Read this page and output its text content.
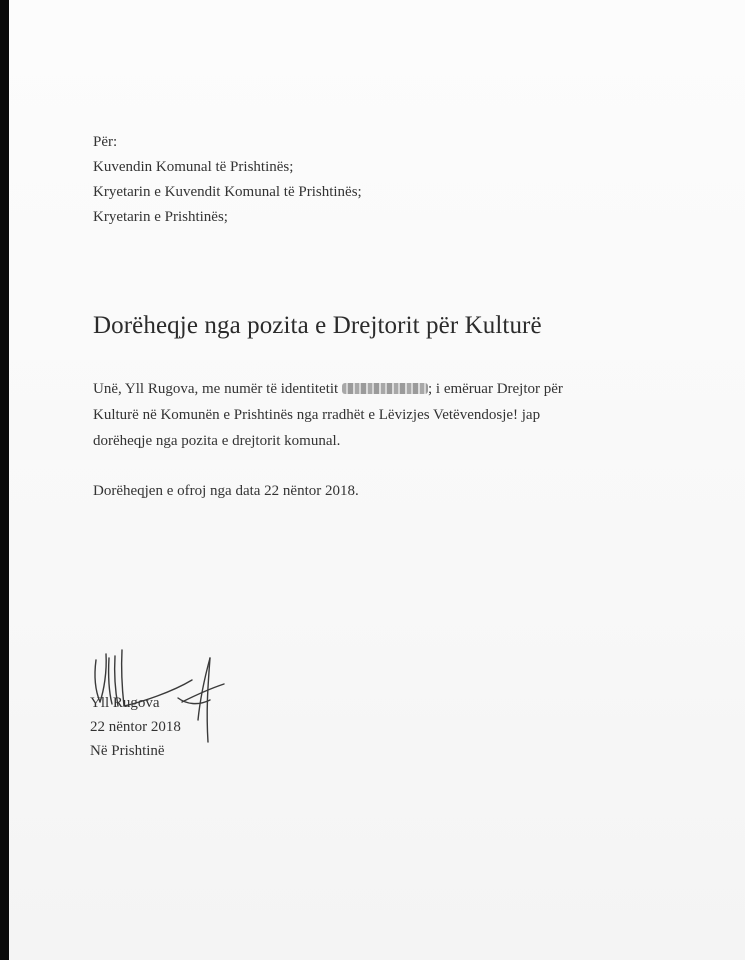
Për:
Kuvendin Komunal të Prishtinës;
Kryetarin e Kuvendit Komunal të Prishtinës;
Kryetarin e Prishtinës;
Dorëheqje nga pozita e Drejtorit për Kulturë

Unë, Yll Rugova, me numër të identitetit	; i emëruar Drejtor për

Kulturë në Komunën e Prishtinës nga rradhët e Lëvizjes Vetëvendosje! jap

dorëheqje nga pozita e drejtorit komunal.

Dorëheqjen e ofroj nga data 22 nëntor 2018.
Yll Rugova
22 nëntor 2018
Në Prishtinë
